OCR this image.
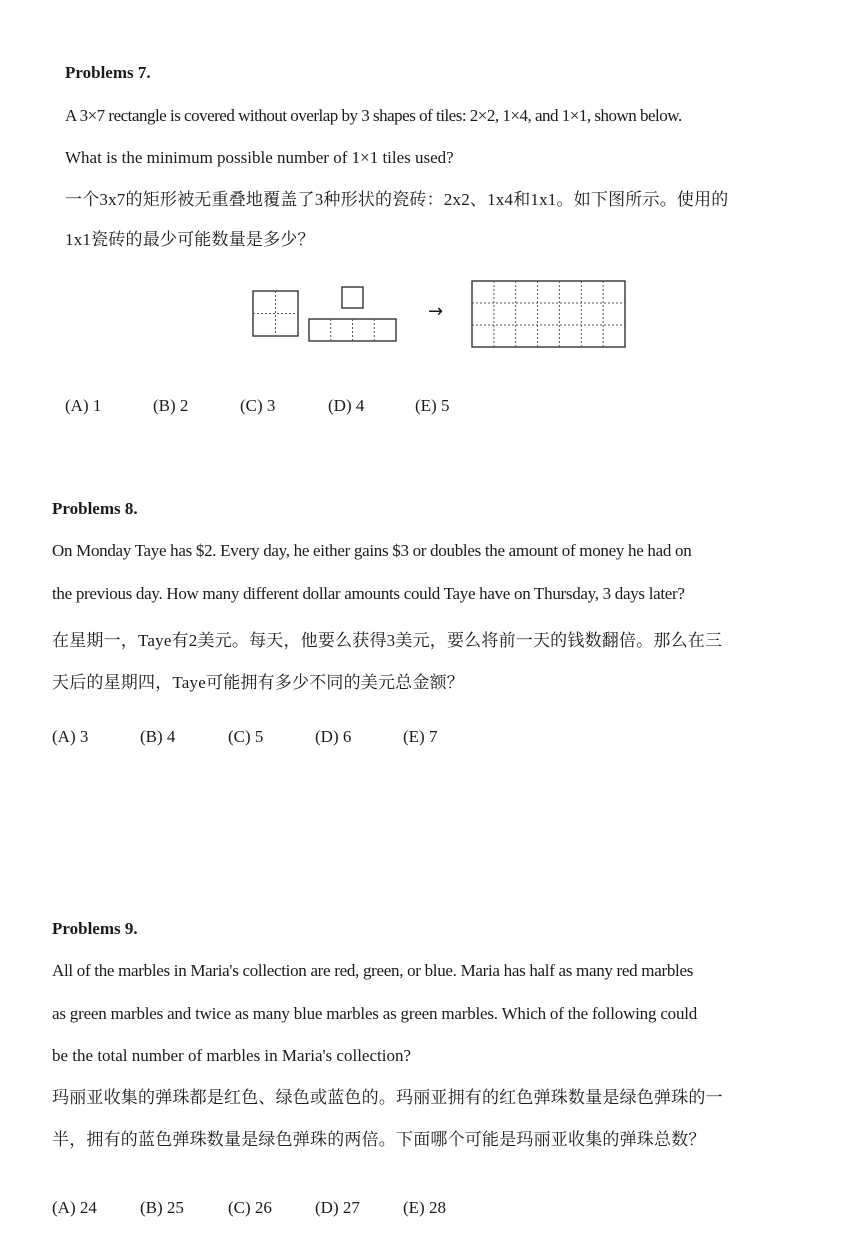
Problems 7.
A 3×7 rectangle is covered without overlap by 3 shapes of tiles: 2×2, 1×4, and 1×1, shown below.
What is the minimum possible number of 1×1 tiles used?
一个3x7的矩形被无重叠地覆盖了3种形状的瓷砖：2x2、1x4和1x1。如下图所示。使用的
1x1瓷砖的最少可能数量是多少？
→
(A) 1	(B) 2	(C) 3	(D) 4	(E) 5
Problems 8.
On Monday Taye has $2. Every day, he either gains $3 or doubles the amount of money he had on
the previous day. How many different dollar amounts could Taye have on Thursday, 3 days later?
在星期一，Taye有2美元。每天，他要么获得3美元，要么将前一天的钱数翻倍。那么在三
天后的星期四，Taye可能拥有多少不同的美元总金额？
(A) 3	(B) 4	(C) 5	(D) 6	(E) 7
Problems 9.
All of the marbles in Maria's collection are red, green, or blue. Maria has half as many red marbles
as green marbles and twice as many blue marbles as green marbles. Which of the following could
be the total number of marbles in Maria's collection?
玛丽亚收集的弹珠都是红色、绿色或蓝色的。玛丽亚拥有的红色弹珠数量是绿色弹珠的一
半，拥有的蓝色弹珠数量是绿色弹珠的两倍。下面哪个可能是玛丽亚收集的弹珠总数？
(A) 24	(B) 25	(C) 26	(D) 27	(E) 28
